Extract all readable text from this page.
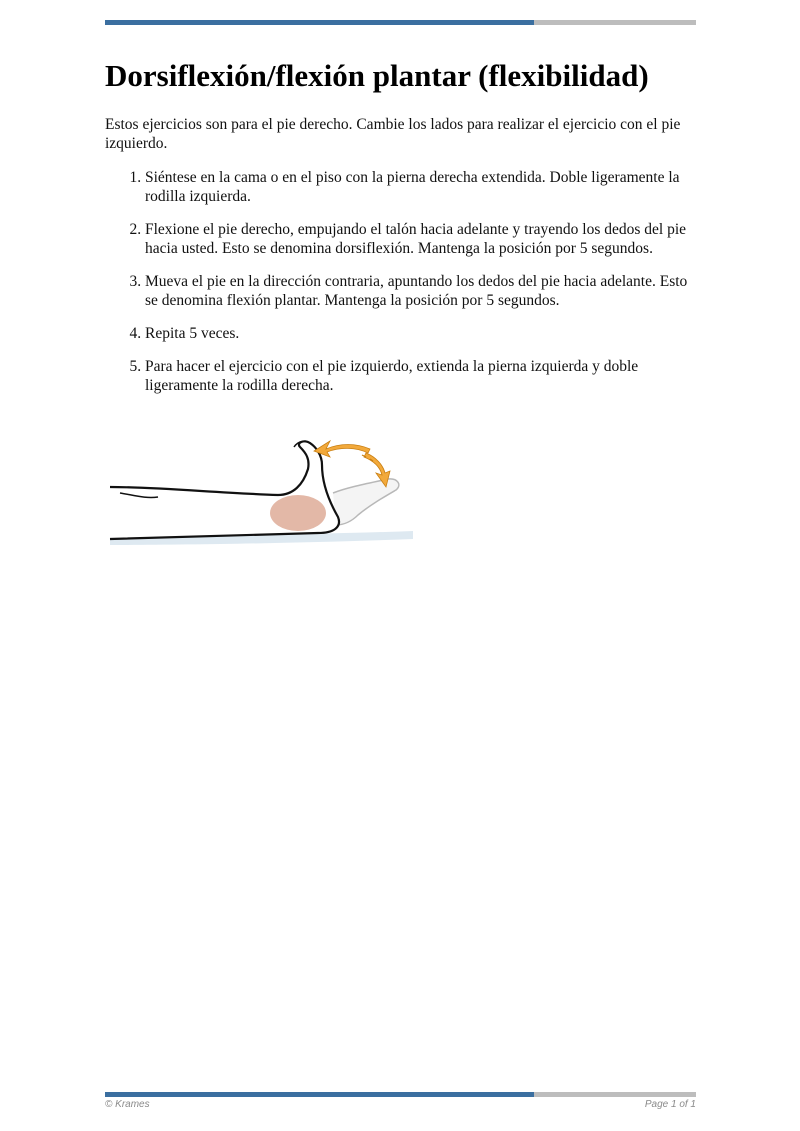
Dorsiflexión/flexión plantar (flexibilidad)

Estos ejercicios son para el pie derecho. Cambie los lados para realizar el ejercicio con el pie izquierdo.

1. Siéntese en la cama o en el piso con la pierna derecha extendida. Doble ligeramente la rodilla izquierda.
2. Flexione el pie derecho, empujando el talón hacia adelante y trayendo los dedos del pie hacia usted. Esto se denomina dorsiflexión. Mantenga la posición por 5 segundos.
3. Mueva el pie en la dirección contraria, apuntando los dedos del pie hacia adelante. Esto se denomina flexión plantar. Mantenga la posición por 5 segundos.
4. Repita 5 veces.
5. Para hacer el ejercicio con el pie izquierdo, extienda la pierna izquierda y doble ligeramente la rodilla derecha.
© Krames	Page 1 of 1
